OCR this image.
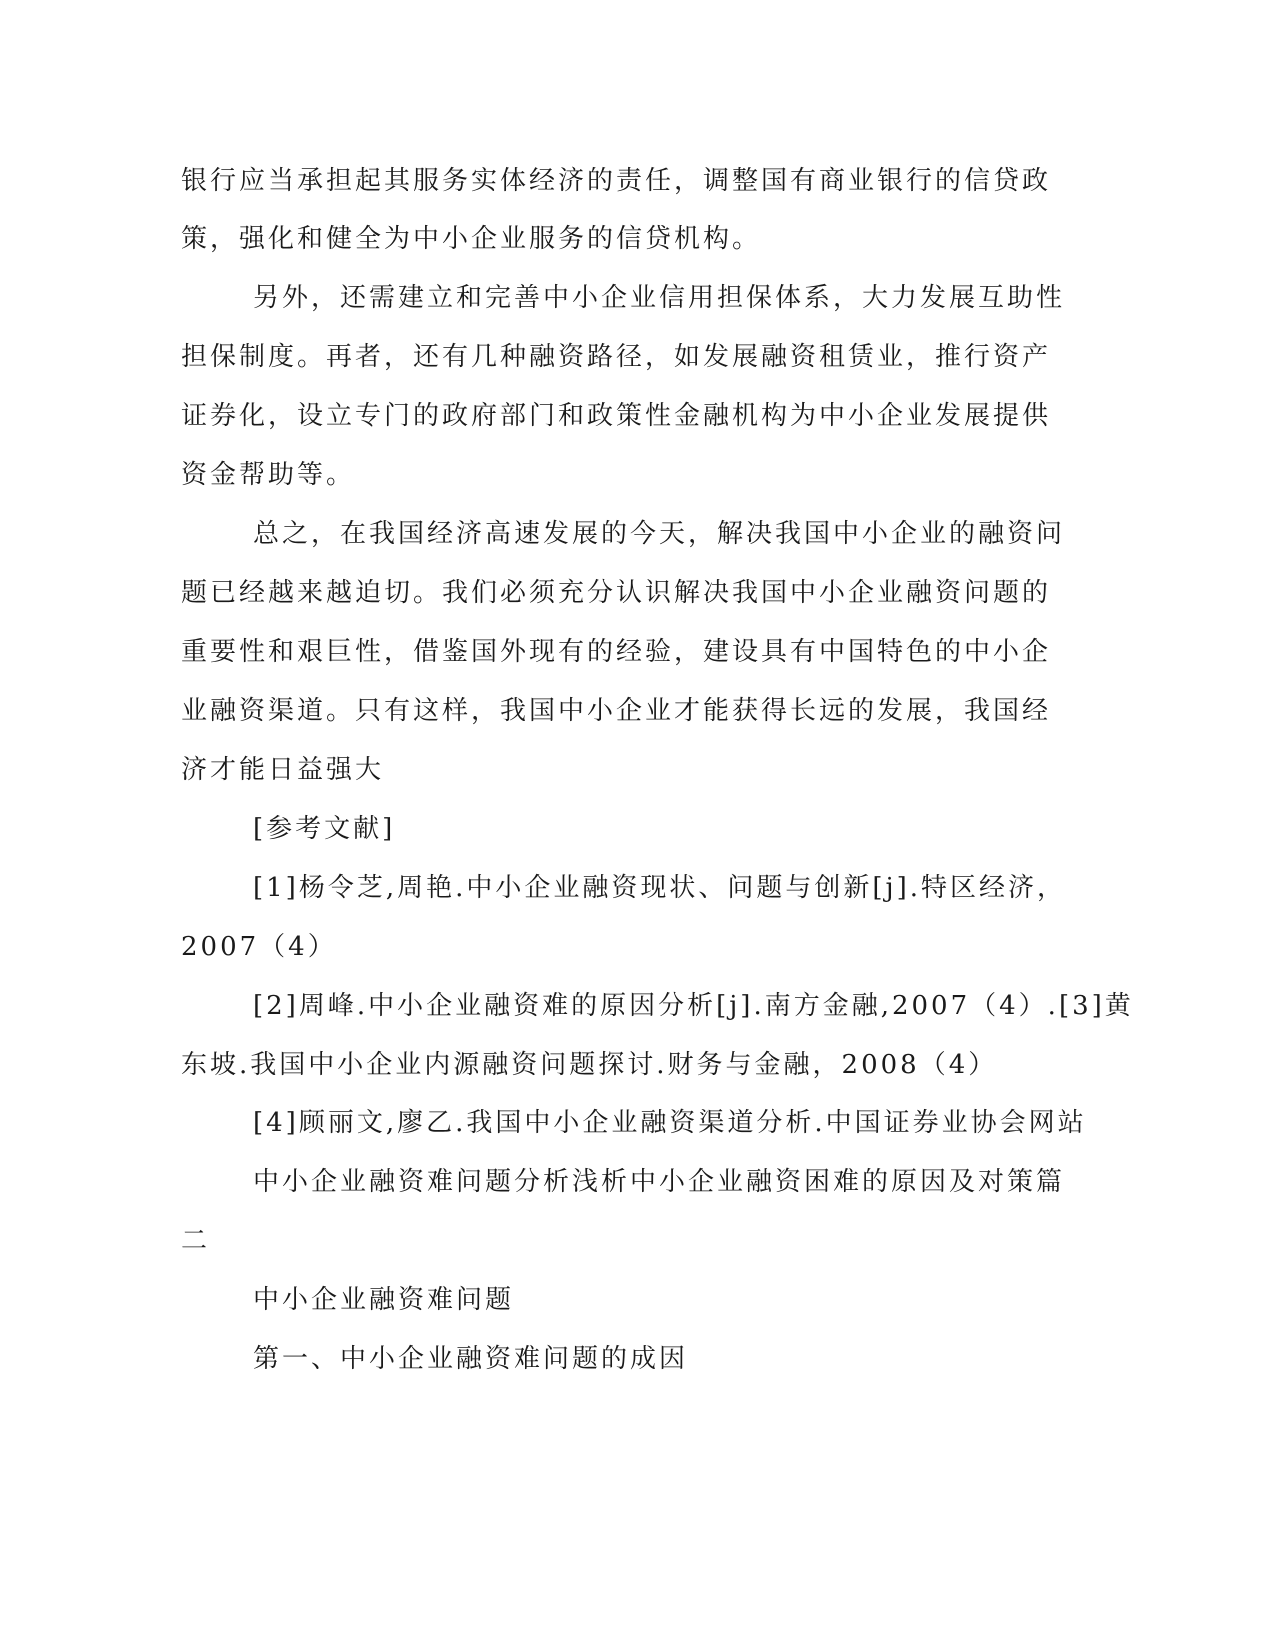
银行应当承担起其服务实体经济的责任，调整国有商业银行的信贷政
策，强化和健全为中小企业服务的信贷机构。
另外，还需建立和完善中小企业信用担保体系，大力发展互助性
担保制度。再者，还有几种融资路径，如发展融资租赁业，推行资产
证券化，设立专门的政府部门和政策性金融机构为中小企业发展提供
资金帮助等。
总之，在我国经济高速发展的今天，解决我国中小企业的融资问
题已经越来越迫切。我们必须充分认识解决我国中小企业融资问题的
重要性和艰巨性，借鉴国外现有的经验，建设具有中国特色的中小企
业融资渠道。只有这样，我国中小企业才能获得长远的发展，我国经
济才能日益强大
[参考文献]
[1]杨令芝,周艳.中小企业融资现状、问题与创新[j].特区经济，
2007（4）
[2]周峰.中小企业融资难的原因分析[j].南方金融,2007（4）.[3]黄
东坡.我国中小企业内源融资问题探讨.财务与金融，2008（4）
[4]顾丽文,廖乙.我国中小企业融资渠道分析.中国证券业协会网站
中小企业融资难问题分析浅析中小企业融资困难的原因及对策篇
二
中小企业融资难问题
第一、中小企业融资难问题的成因
